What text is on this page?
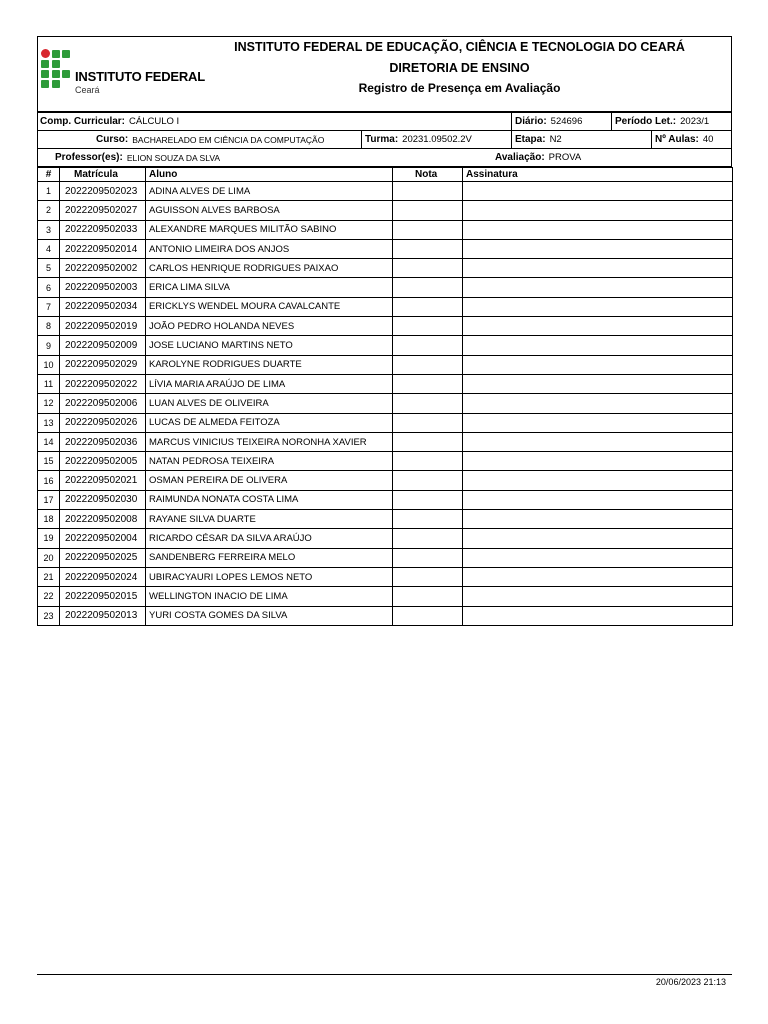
INSTITUTO FEDERAL
Ceará
INSTITUTO FEDERAL DE EDUCAÇÃO, CIÊNCIA E TECNOLOGIA DO CEARÁ
DIRETORIA DE ENSINO
Registro de Presença em Avaliação
Comp. Curricular: CÁLCULO I	Diário: 524696	Período Let.: 2023/1
Curso: BACHARELADO EM CIÊNCIA DA COMPUTAÇÃO	Turma: 20231.09502.2V	Etapa: N2	Nº Aulas: 40
Professor(es): ELION SOUZA DA SLVA	Avaliação: PROVA
#	Matrícula	Aluno	Nota	Assinatura
1	2022209502023	ADINA ALVES DE LIMA		
2	2022209502027	AGUISSON ALVES BARBOSA		
3	2022209502033	ALEXANDRE MARQUES MILITÃO SABINO		
4	2022209502014	ANTONIO LIMEIRA DOS ANJOS		
5	2022209502002	CARLOS HENRIQUE RODRIGUES PAIXAO		
6	2022209502003	ERICA LIMA SILVA		
7	2022209502034	ERICKLYS WENDEL MOURA CAVALCANTE		
8	2022209502019	JOÃO PEDRO HOLANDA NEVES		
9	2022209502009	JOSE LUCIANO MARTINS NETO		
10	2022209502029	KAROLYNE RODRIGUES DUARTE		
11	2022209502022	LÍVIA MARIA ARAÚJO DE LIMA		
12	2022209502006	LUAN ALVES DE OLIVEIRA		
13	2022209502026	LUCAS DE ALMEDA FEITOZA		
14	2022209502036	MARCUS VINICIUS TEIXEIRA NORONHA XAVIER		
15	2022209502005	NATAN PEDROSA TEIXEIRA		
16	2022209502021	OSMAN PEREIRA DE OLIVERA		
17	2022209502030	RAIMUNDA NONATA COSTA LIMA		
18	2022209502008	RAYANE SILVA DUARTE		
19	2022209502004	RICARDO CÉSAR DA SILVA ARAÚJO		
20	2022209502025	SANDENBERG FERREIRA MELO		
21	2022209502024	UBIRACYAURI LOPES LEMOS NETO		
22	2022209502015	WELLINGTON INACIO DE LIMA		
23	2022209502013	YURI COSTA GOMES DA SILVA		
20/06/2023 21:13
